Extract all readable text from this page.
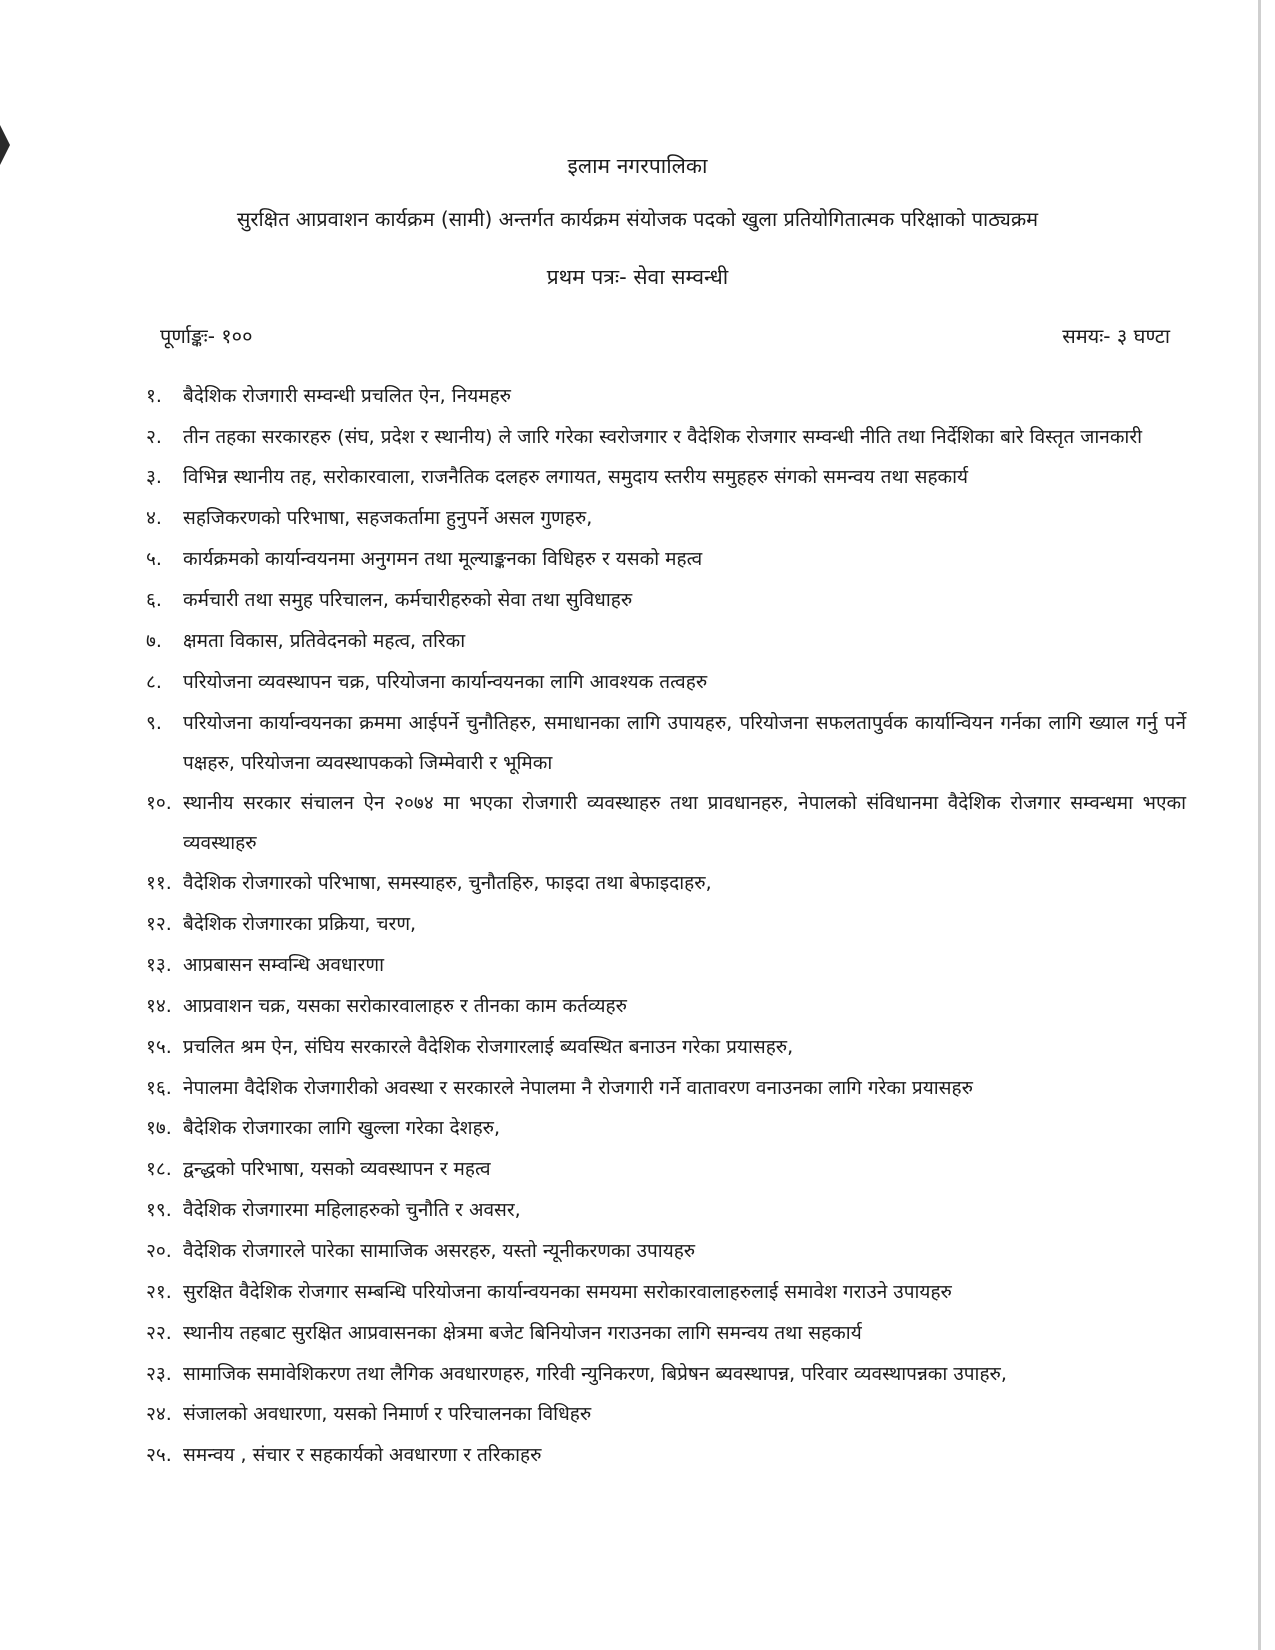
इलाम नगरपालिका
सुरक्षित आप्रवाशन कार्यक्रम (सामी) अन्तर्गत कार्यक्रम संयोजक पदको खुला प्रतियोगितात्मक परिक्षाको पाठ्यक्रम
प्रथम पत्रः- सेवा सम्वन्धी
पूर्णाङ्कः- १००	समयः- ३ घण्टा
१.	बैदेशिक रोजगारी सम्वन्धी प्रचलित ऐन, नियमहरु
२.	तीन तहका सरकारहरु (संघ, प्रदेश र स्थानीय) ले जारि गरेका स्वरोजगार र वैदेशिक रोजगार सम्वन्धी नीति तथा निर्देशिका बारे विस्तृत जानकारी
३.	विभिन्न स्थानीय तह, सरोकारवाला, राजनैतिक दलहरु लगायत, समुदाय स्तरीय समुहहरु संगको समन्वय तथा सहकार्य
४.	सहजिकरणको परिभाषा, सहजकर्तामा हुनुपर्ने असल गुणहरु,
५.	कार्यक्रमको कार्यान्वयनमा अनुगमन तथा मूल्याङ्कनका विधिहरु र यसको महत्व
६.	कर्मचारी तथा समुह परिचालन, कर्मचारीहरुको सेवा तथा सुविधाहरु
७.	क्षमता विकास, प्रतिवेदनको महत्व, तरिका
८.	परियोजना व्यवस्थापन चक्र, परियोजना कार्यान्वयनका लागि आवश्यक तत्वहरु
९.	परियोजना कार्यान्वयनका क्रममा आईपर्ने चुनौतिहरु, समाधानका लागि उपायहरु, परियोजना सफलतापुर्वक कार्यान्वियन गर्नका लागि ख्याल गर्नु पर्ने पक्षहरु, परियोजना व्यवस्थापकको जिम्मेवारी र भूमिका
१०. स्थानीय सरकार संचालन ऐन २०७४ मा भएका रोजगारी व्यवस्थाहरु तथा प्रावधानहरु, नेपालको संविधानमा वैदेशिक रोजगार सम्वन्धमा भएका व्यवस्थाहरु
११. वैदेशिक रोजगारको परिभाषा, समस्याहरु, चुनौतहिरु, फाइदा तथा बेफाइदाहरु,
१२. बैदेशिक रोजगारका प्रक्रिया, चरण,
१३. आप्रबासन सम्वन्धि अवधारणा
१४. आप्रवाशन चक्र, यसका सरोकारवालाहरु र तीनका काम कर्तव्यहरु
१५. प्रचलित श्रम ऐन, संघिय सरकारले वैदेशिक रोजगारलाई ब्यवस्थित बनाउन गरेका प्रयासहरु,
१६. नेपालमा वैदेशिक रोजगारीको अवस्था र सरकारले नेपालमा नै रोजगारी गर्ने वातावरण वनाउनका लागि गरेका प्रयासहरु
१७. बैदेशिक रोजगारका लागि खुल्ला गरेका देशहरु,
१८. द्वन्द्धको परिभाषा, यसको व्यवस्थापन र महत्व
१९. वैदेशिक रोजगारमा महिलाहरुको चुनौति र अवसर,
२०. वैदेशिक रोजगारले पारेका सामाजिक असरहरु, यस्तो न्यूनीकरणका उपायहरु
२१. सुरक्षित वैदेशिक रोजगार सम्बन्धि परियोजना कार्यान्वयनका समयमा सरोकारवालाहरुलाई समावेश गराउने उपायहरु
२२. स्थानीय तहबाट सुरक्षित आप्रवासनका क्षेत्रमा बजेट बिनियोजन गराउनका लागि समन्वय तथा सहकार्य
२३. सामाजिक समावेशिकरण तथा लैगिक अवधारणहरु, गरिवी न्युनिकरण, बिप्रेषन ब्यवस्थापन्न, परिवार व्यवस्थापन्नका उपाहरु,
२४. संजालको अवधारणा, यसको निमार्ण र परिचालनका विधिहरु
२५. समन्वय , संचार र सहकार्यको अवधारणा र तरिकाहरु
